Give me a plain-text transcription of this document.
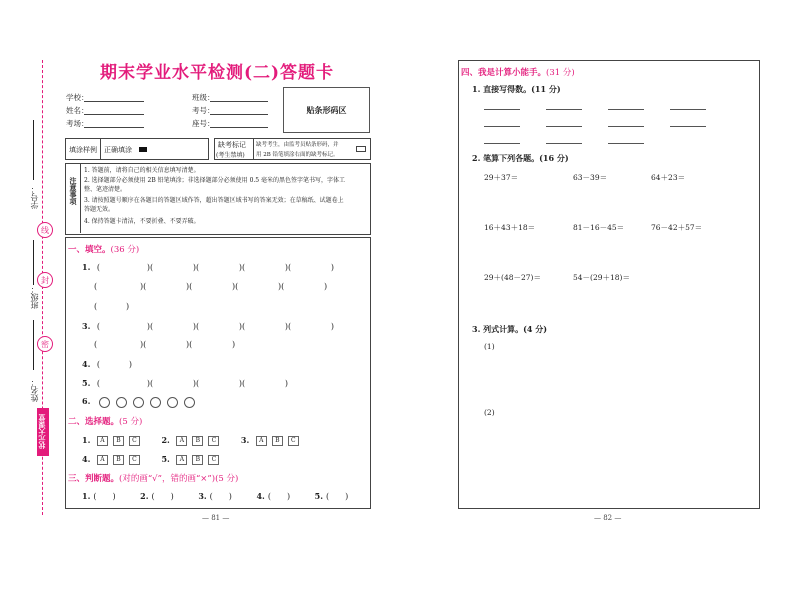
学号：
线
班级：
封
密
姓名：
状元大课堂
期末学业水平检测(二)答题卡
学校：
姓名：
考场：
班级：
考号：
座号：
贴条形码区
填涂样例 正确填涂
缺考标记
(考生禁填)
缺考考生，由监考员贴条形码，并
用 2B 铅笔填涂右面的缺考标记。
注意事项
1. 答题前，请将自己的相关信息填写清楚。
2. 选择题部分必须使用 2B 铅笔填涂；非选择题部分必须使用 0.5 毫米的黑色签字笔书写，字体工
整、笔迹清楚。
3. 请按照题号顺序在各题目的答题区域作答，超出答题区域书写的答案无效；在草稿纸、试题卷上
答题无效。
4. 保持答题卡清洁，不要折叠、不要弄破。
一、填空。(36 分)
1. (	)(	)(	)(	)(	)
(	)(	)(	)(	)(	)
(	)
3. (	)(	)(	)(	)(	)
(	)(	)(	)
4. (	)
5. (	)(	)(	)(	)
6.
二、选择题。(5 分)
1. A B C	2. A B C	3. A B C
4. A B C	5. A B C
三、判断题。(对的画“√”，错的画“×”)(5 分)
1. (　　)	2. (　　)	3. (　　)	4. (　　)	5. (　　)
— 81 —
四、我是计算小能手。(31 分)
1. 直接写得数。(11 分)
2. 笔算下列各题。(16 分)
29＋37＝	63－39＝	64＋23＝
16＋43＋18＝	81－16－45＝	76－42＋57＝
29＋(48－27)＝	54－(29＋18)＝
3. 列式计算。(4 分)
(1)
(2)
— 82 —
